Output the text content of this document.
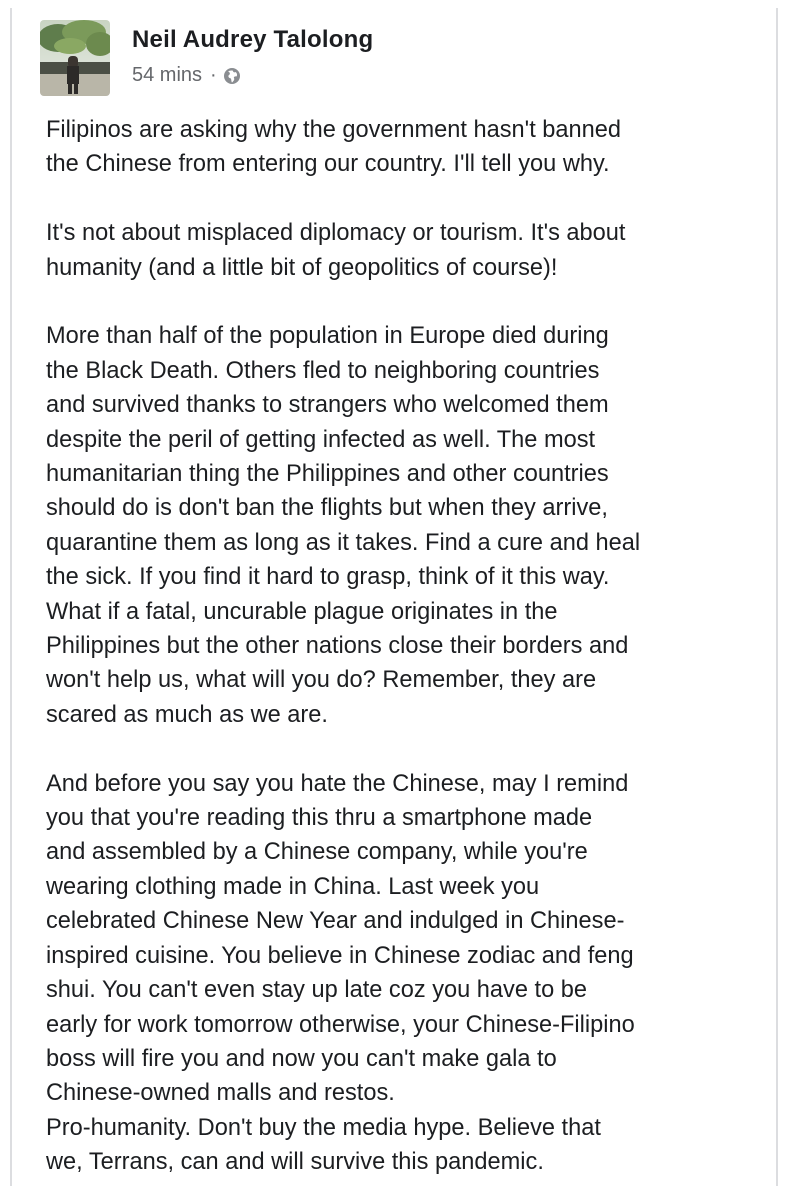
Neil Audrey Talolong
54 mins ·
Filipinos are asking why the government hasn't banned
the Chinese from entering our country. I'll tell you why.
It's not about misplaced diplomacy or tourism. It's about
humanity (and a little bit of geopolitics of course)!
More than half of the population in Europe died during
the Black Death. Others fled to neighboring countries
and survived thanks to strangers who welcomed them
despite the peril of getting infected as well. The most
humanitarian thing the Philippines and other countries
should do is don't ban the flights but when they arrive,
quarantine them as long as it takes. Find a cure and heal
the sick. If you find it hard to grasp, think of it this way.
What if a fatal, uncurable plague originates in the
Philippines but the other nations close their borders and
won't help us, what will you do? Remember, they are
scared as much as we are.
And before you say you hate the Chinese, may I remind
you that you're reading this thru a smartphone made
and assembled by a Chinese company, while you're
wearing clothing made in China. Last week you
celebrated Chinese New Year and indulged in Chinese-
inspired cuisine. You believe in Chinese zodiac and feng
shui. You can't even stay up late coz you have to be
early for work tomorrow otherwise, your Chinese-Filipino
boss will fire you and now you can't make gala to
Chinese-owned malls and restos.
Pro-humanity. Don't buy the media hype. Believe that
we, Terrans, can and will survive this pandemic.
